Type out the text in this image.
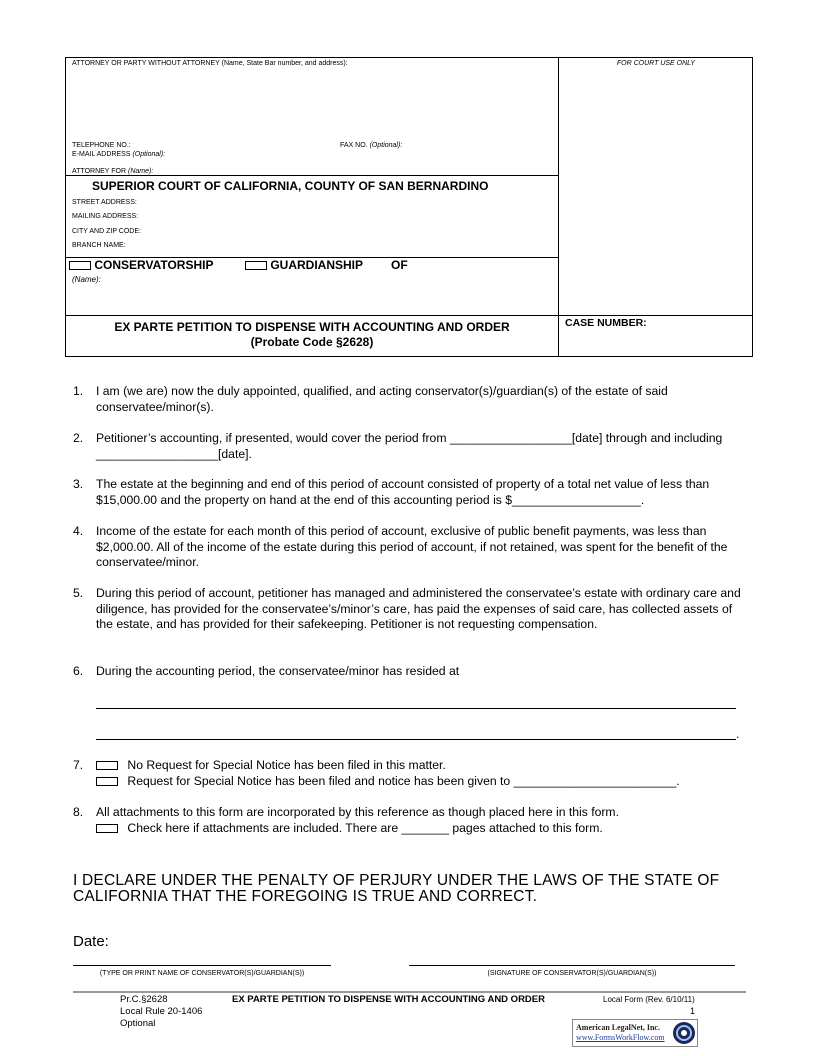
ATTORNEY OR PARTY WITHOUT ATTORNEY (Name, State Bar number, and address):	FOR COURT USE ONLY
TELEPHONE NO.:	FAX NO. (Optional):
E-MAIL ADDRESS (Optional):
ATTORNEY FOR (Name):
SUPERIOR COURT OF CALIFORNIA, COUNTY OF SAN BERNARDINO
STREET ADDRESS:
MAILING ADDRESS:
CITY AND ZIP CODE:
BRANCH NAME:
CONSERVATORSHIP	GUARDIANSHIP OF
(Name):
EX PARTE PETITION TO DISPENSE WITH ACCOUNTING AND ORDER
(Probate Code §2628)
CASE NUMBER:
1. I am (we are) now the duly appointed, qualified, and acting conservator(s)/guardian(s) of the estate of said conservatee/minor(s).
2. Petitioner’s accounting, if presented, would cover the period from __________________[date] through and including __________________[date].
3. The estate at the beginning and end of this period of account consisted of property of a total net value of less than $15,000.00 and the property on hand at the end of this accounting period is $___________________.
4. Income of the estate for each month of this period of account, exclusive of public benefit payments, was less than $2,000.00. All of the income of the estate during this period of account, if not retained, was spent for the benefit of the conservatee/minor.
5. During this period of account, petitioner has managed and administered the conservatee’s estate with ordinary care and diligence, has provided for the conservatee’s/minor’s care, has paid the expenses of said care, has collected assets of the estate, and has provided for their safekeeping. Petitioner is not requesting compensation.
6. During the accounting period, the conservatee/minor has resided at
.
7.	No Request for Special Notice has been filed in this matter.
Request for Special Notice has been filed and notice has been given to ________________________.
8. All attachments to this form are incorporated by this reference as though placed here in this form.
Check here if attachments are included. There are _______ pages attached to this form.
I DECLARE UNDER THE PENALTY OF PERJURY UNDER THE LAWS OF THE STATE OF CALIFORNIA THAT THE FOREGOING IS TRUE AND CORRECT.
Date:
(TYPE OR PRINT NAME OF CONSERVATOR(S)/GUARDIAN(S))	(SIGNATURE OF CONSERVATOR(S)/GUARDIAN(S))
Pr.C.§2628
Local Rule 20-1406
Optional
EX PARTE PETITION TO DISPENSE WITH ACCOUNTING AND ORDER	Local Form (Rev. 6/10/11)
1
American LegalNet, Inc.
www.FormsWorkFlow.com
